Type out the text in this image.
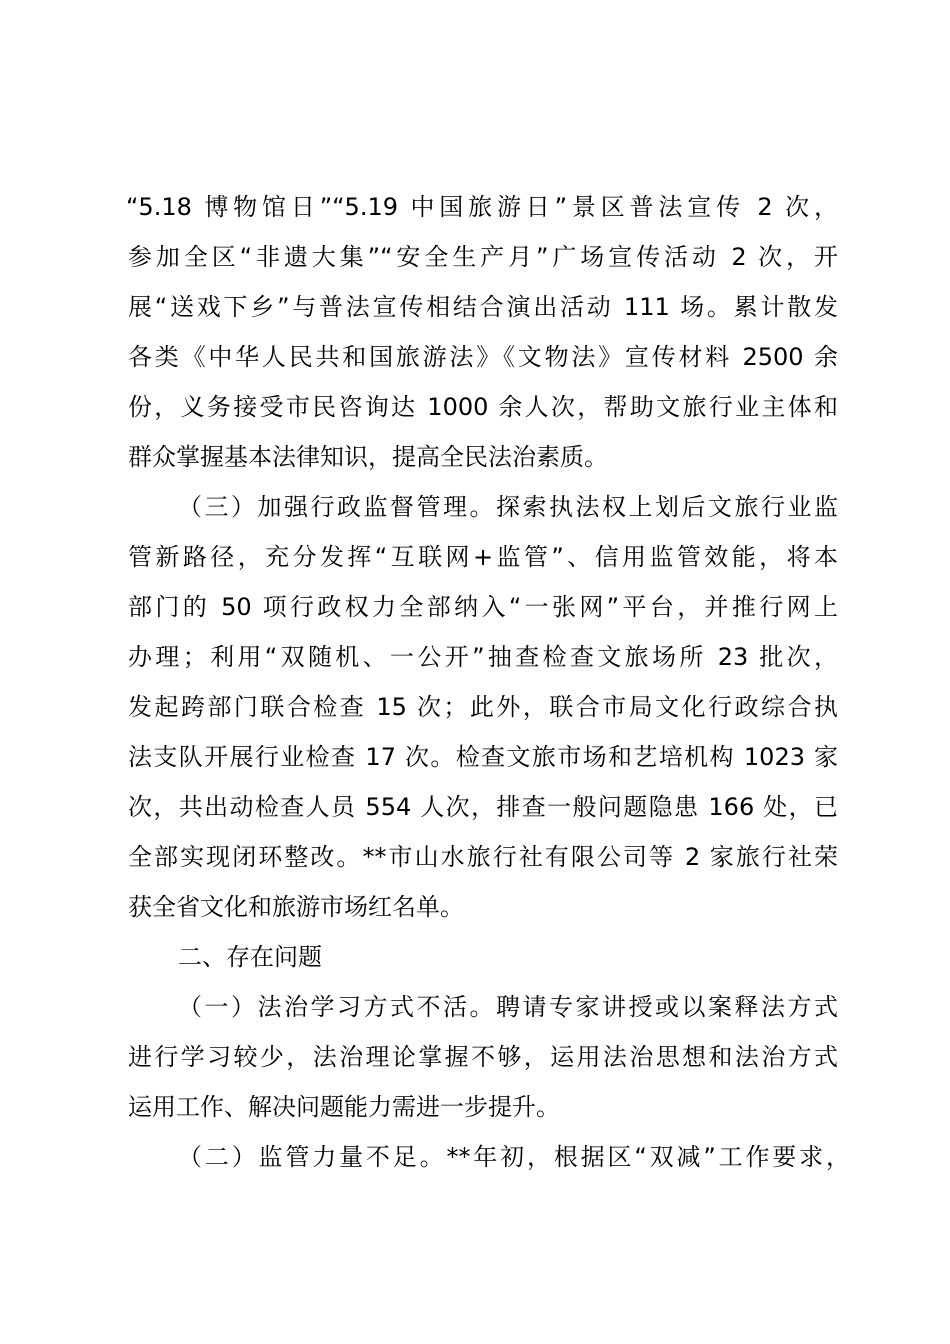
“5.18 博物馆日”“5.19 中国旅游日”景区普法宣传 2 次，
参加全区“非遗大集”“安全生产月”广场宣传活动 2 次，开
展“送戏下乡”与普法宣传相结合演出活动 111 场。累计散发
各类《中华人民共和国旅游法》《文物法》宣传材料 2500 余
份，义务接受市民咨询达 1000 余人次，帮助文旅行业主体和
群众掌握基本法律知识，提高全民法治素质。
（三）加强行政监督管理。探索执法权上划后文旅行业监
管新路径，充分发挥“互联网+监管”、信用监管效能，将本
部门的 50 项行政权力全部纳入“一张网”平台，并推行网上
办理；利用“双随机、一公开”抽查检查文旅场所 23 批次，
发起跨部门联合检查 15 次；此外，联合市局文化行政综合执
法支队开展行业检查 17 次。检查文旅市场和艺培机构 1023 家
次，共出动检查人员 554 人次，排查一般问题隐患 166 处，已
全部实现闭环整改。**市山水旅行社有限公司等 2 家旅行社荣
获全省文化和旅游市场红名单。
二、存在问题
（一）法治学习方式不活。聘请专家讲授或以案释法方式
进行学习较少，法治理论掌握不够，运用法治思想和法治方式
运用工作、解决问题能力需进一步提升。
（二）监管力量不足。**年初，根据区“双减”工作要求，
